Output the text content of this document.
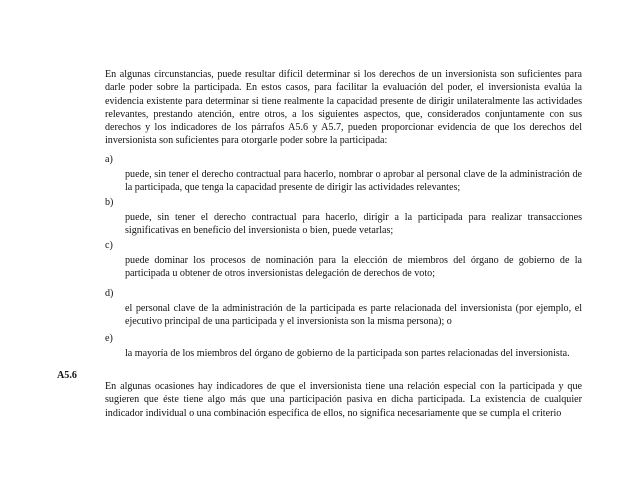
En algunas circunstancias, puede resultar difícil determinar si los derechos de un inversionista son suficientes para darle poder sobre la participada. En estos casos, para facilitar la evaluación del poder, el inversionista evalúa la evidencia existente para determinar si tiene realmente la capacidad presente de dirigir unilateralmente las actividades relevantes, prestando atención, entre otros, a los siguientes aspectos, que, considerados conjuntamente con sus derechos y los indicadores de los párrafos A5.6 y A5.7, pueden proporcionar evidencia de que los derechos del inversionista son suficientes para otorgarle poder sobre la participada:

a)

puede, sin tener el derecho contractual para hacerlo, nombrar o aprobar al personal clave de la administración de la participada, que tenga la capacidad presente de dirigir las actividades relevantes;

b)

puede, sin tener el derecho contractual para hacerlo, dirigir a la participada para realizar transacciones significativas en beneficio del inversionista o bien, puede vetarlas;

c)

puede dominar los procesos de nominación para la elección de miembros del órgano de gobierno de la participada u obtener de otros inversionistas delegación de derechos de voto;

d)

el personal clave de la administración de la participada es parte relacionada del inversionista (por ejemplo, el ejecutivo principal de una participada y el inversionista son la misma persona); o

e)

la mayoría de los miembros del órgano de gobierno de la participada son partes relacionadas del inversionista.

A5.6

En algunas ocasiones hay indicadores de que el inversionista tiene una relación especial con la participada y que sugieren que éste tiene algo más que una participación pasiva en dicha participada. La existencia de cualquier indicador individual o una combinación específica de ellos, no significa necesariamente que se cumpla el criterio
